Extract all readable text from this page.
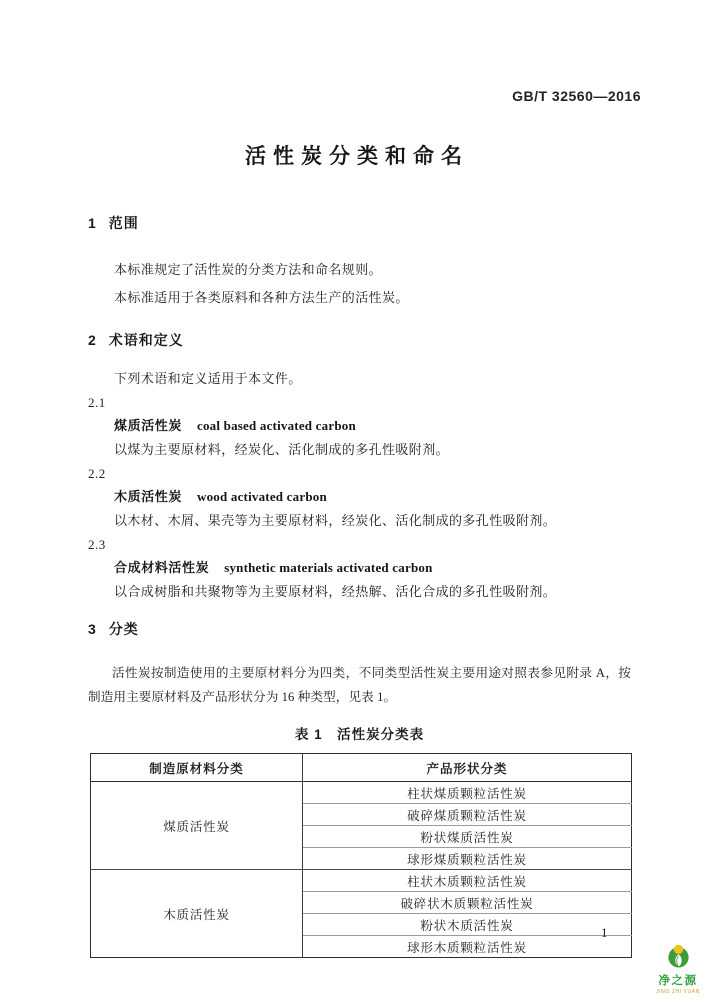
GB/T 32560—2016
活性炭分类和命名
1 范围
本标准规定了活性炭的分类方法和命名规则。
本标准适用于各类原料和各种方法生产的活性炭。
2 术语和定义
下列术语和定义适用于本文件。
2.1
煤质活性炭 coal based activated carbon
以煤为主要原材料，经炭化、活化制成的多孔性吸附剂。
2.2
木质活性炭 wood activated carbon
以木材、木屑、果壳等为主要原材料，经炭化、活化制成的多孔性吸附剂。
2.3
合成材料活性炭 synthetic materials activated carbon
以合成树脂和共聚物等为主要原材料，经热解、活化合成的多孔性吸附剂。
3 分类
活性炭按制造使用的主要原材料分为四类，不同类型活性炭主要用途对照表参见附录 A，按制造用主要原材料及产品形状分为 16 种类型，见表 1。
表 1　活性炭分类表
制造原材料分类	产品形状分类
煤质活性炭	柱状煤质颗粒活性炭
	破碎煤质颗粒活性炭
	粉状煤质活性炭
	球形煤质颗粒活性炭
木质活性炭	柱状木质颗粒活性炭
	破碎状木质颗粒活性炭
	粉状木质活性炭
	球形木质颗粒活性炭
1
净之源
JING ZHI YUAN
